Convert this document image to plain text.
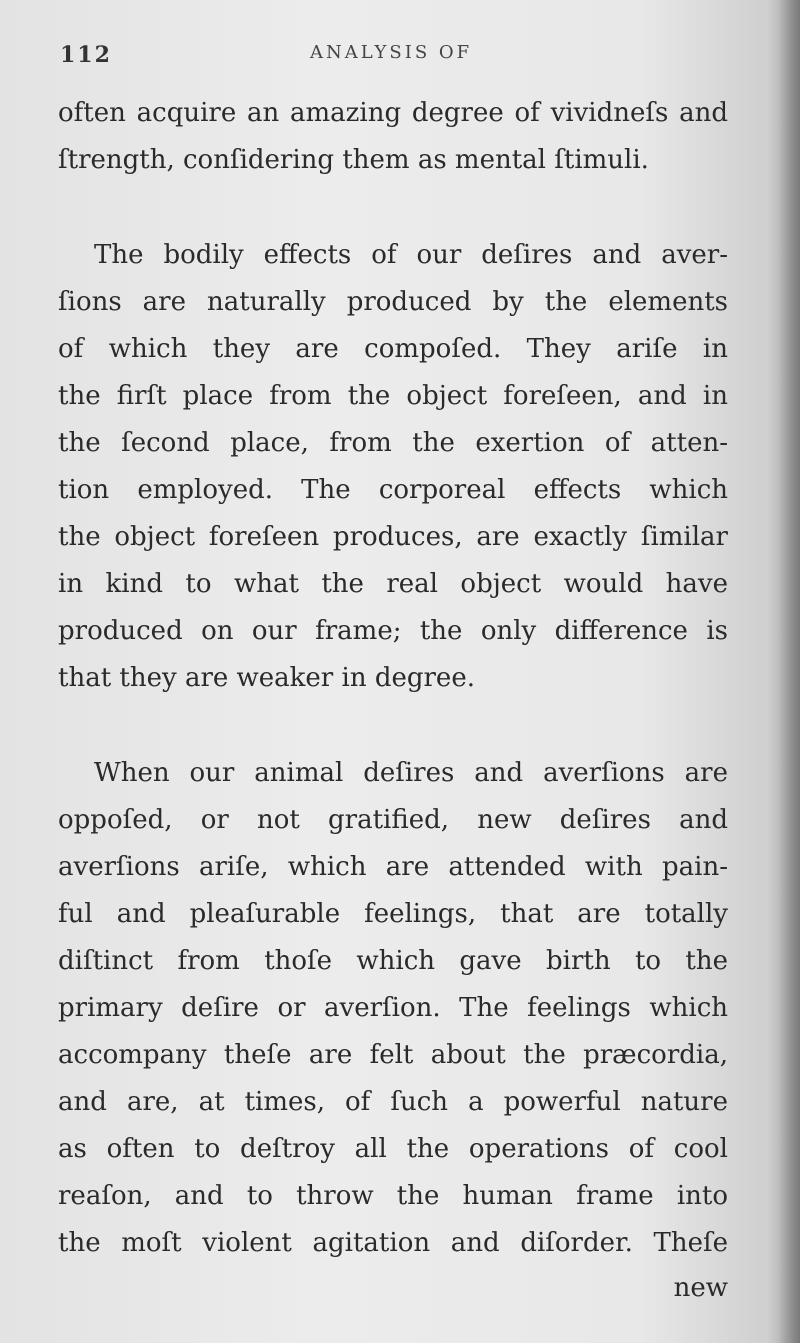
112	ANALYSIS OF
often acquire an amazing degree of vividneſs and
ſtrength, conſidering them as mental ſtimuli.
The bodily effects of our deſires and aver-
ſions are naturally produced by the elements
of which they are compoſed. They ariſe in
the firſt place from the object foreſeen, and in
the ſecond place, from the exertion of atten-
tion employed. The corporeal effects which
the object foreſeen produces, are exactly ſimilar
in kind to what the real object would have
produced on our frame; the only difference is
that they are weaker in degree.
When our animal deſires and averſions are
oppoſed, or not gratified, new deſires and
averſions ariſe, which are attended with pain-
ful and pleaſurable feelings, that are totally
diſtinct from thoſe which gave birth to the
primary deſire or averſion. The feelings which
accompany theſe are felt about the præcordia,
and are, at times, of ſuch a powerful nature
as often to deſtroy all the operations of cool
reaſon, and to throw the human frame into
the moſt violent agitation and diſorder. Theſe
new
